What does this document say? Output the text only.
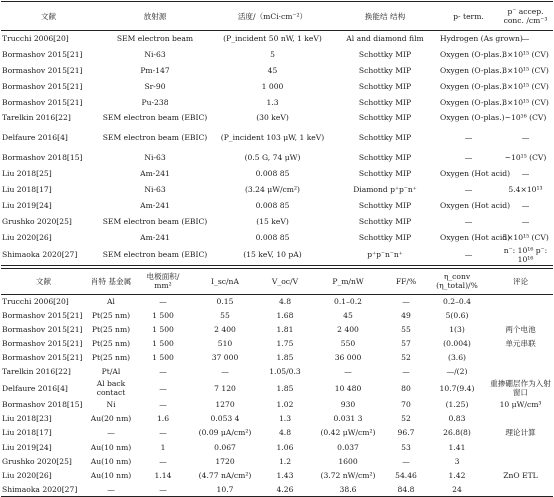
文献	放射源	活度/（mCi·cm⁻²）	换能结 结构	p- term.	p⁻ accep. conc. /cm⁻³
Trucchi 2006[20]	SEM electron beam	(P_incident 50 nW, 1 keV)	Al and diamond film	Hydrogen (As grown)	—
Bormashov 2015[21]	Ni-63	5	Schottky MIP	Oxygen (O-plas.)	3×10¹⁵ (CV)
Bormashov 2015[21]	Pm-147	45	Schottky MIP	Oxygen (O-plas.)	3×10¹⁵ (CV)
Bormashov 2015[21]	Sr-90	1 000	Schottky MIP	Oxygen (O-plas.)	3×10¹⁵ (CV)
Bormashov 2015[21]	Pu-238	1.3	Schottky MIP	Oxygen (O-plas.)	3×10¹⁵ (CV)
Tarelkin 2016[22]	SEM electron beam (EBIC)	(30 keV)	Schottky MIP	Oxygen (O-plas.)	~10¹⁶ (CV)
Delfaure 2016[4]	SEM electron beam (EBIC)	(P_incident 103 μW, 1 keV)	Schottky MIP	—	—
Bormashov 2018[15]	Ni-63	(0.5 G, 74 μW)	Schottky MIP	—	~10¹⁵ (CV)
Liu 2018[25]	Am-241	0.008 85	Schottky MIP	Oxygen (Hot acid)	—
Liu 2018[17]	Ni-63	(3.24 μW/cm²)	Diamond p⁺p⁻n⁺	—	5.4×10¹³
Liu 2019[24]	Am-241	0.008 85	Schottky MIP	Oxygen (Hot acid)	—
Grushko 2020[25]	SEM electron beam (EBIC)	(15 keV)	Schottky MIP	—	—
Liu 2020[26]	Am-241	0.008 85	Schottky MIP	Oxygen (Hot acid)	5×10¹⁵ (CV)
Shimaoka 2020[27]	SEM electron beam (EBIC)	(15 keV, 10 pA)	p⁺p⁻n⁻n⁺	—	n⁻: 10¹⁶ p⁻: 10¹⁶
文献	肖特 基金属	电极面积/ mm²	I_sc/nA	V_oc/V	P_m/nW	FF/%	η_conv (η_total)/%	评论
Trucchi 2006[20]	Al	—	0.15	4.8	0.1–0.2	—	0.2–0.4	
Bormashov 2015[21]	Pt(25 nm)	1 500	55	1.68	45	49	5(0.6)	
Bormashov 2015[21]	Pt(25 nm)	1 500	2 400	1.81	2 400	55	1(3)	两个电池
Bormashov 2015[21]	Pt(25 nm)	1 500	510	1.75	550	57	(0.004)	单元串联
Bormashov 2015[21]	Pt(25 nm)	1 500	37 000	1.85	36 000	52	(3.6)	
Tarelkin 2016[22]	Pt/Al	—	—	1.05/0.3	—	—	—/(2)	
Delfaure 2016[4]	Al back contact	—	7 120	1.85	10 480	80	10.7(9.4)	重掺硼层作为入射窗口
Bormashov 2018[15]	Ni	—	1270	1.02	930	70	(1.25)	10 μW/cm³
Liu 2018[23]	Au(20 nm)	1.6	0.053 4	1.3	0.031 3	52	0.83	
Liu 2018[17]	—	—	(0.09 μA/cm²)	4.8	(0.42 μW/cm²)	96.7	26.8(8)	理论计算
Liu 2019[24]	Au(10 nm)	1	0.067	1.06	0.037	53	1.41	
Grushko 2020[25]	Au(10 nm)	—	1720	1.2	1600	—	3	
Liu 2020[26]	Au(10 nm)	1.14	(4.77 nA/cm²)	1.43	(3.72 nW/cm²)	54.46	1.42	ZnO ETL
Shimaoka 2020[27]	—	—	10.7	4.26	38.6	84.8	24	
